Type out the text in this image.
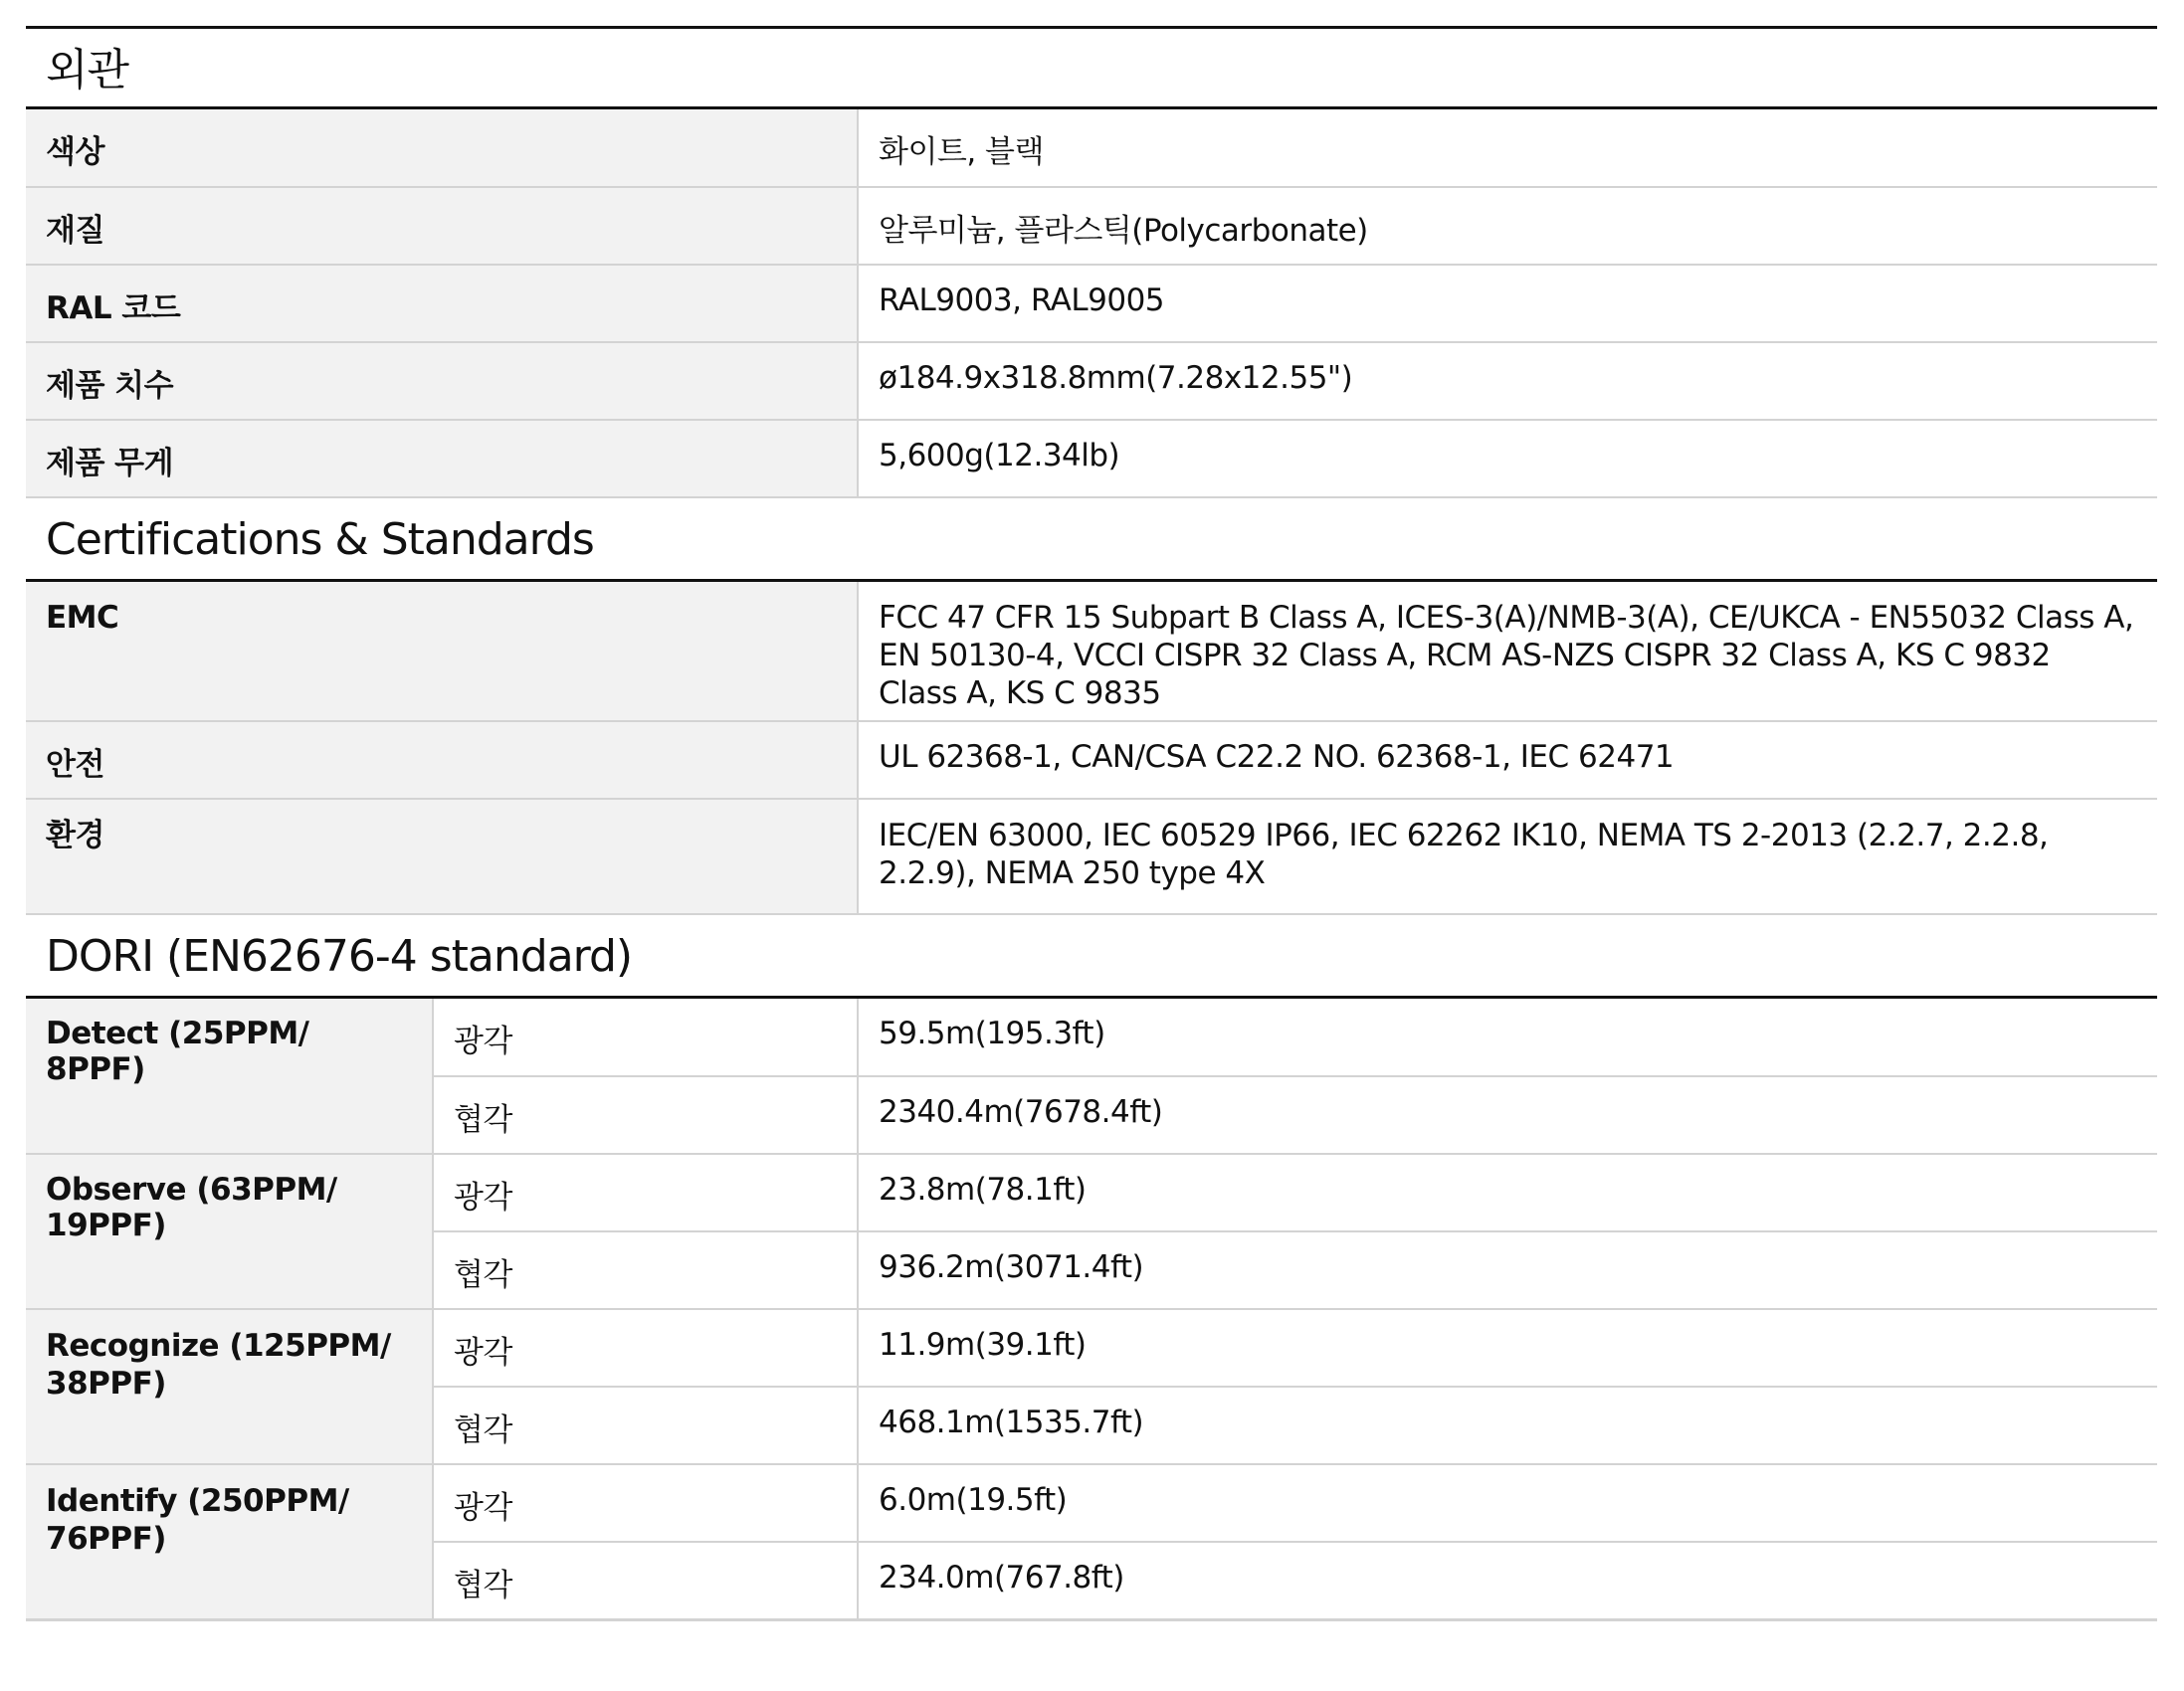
외관
색상	화이트, 블랙
재질	알루미늄, 플라스틱(Polycarbonate)
RAL 코드	RAL9003, RAL9005
제품 치수	ø184.9x318.8mm(7.28x12.55")
제품 무게	5,600g(12.34lb)
Certifications & Standards
EMC	FCC 47 CFR 15 Subpart B Class A, ICES-3(A)/NMB-3(A), CE/UKCA - EN55032 Class A, EN 50130-4, VCCI CISPR 32 Class A, RCM AS-NZS CISPR 32 Class A, KS C 9832 Class A, KS C 9835
안전	UL 62368-1, CAN/CSA C22.2 NO. 62368-1, IEC 62471
환경	IEC/EN 63000, IEC 60529 IP66, IEC 62262 IK10, NEMA TS 2-2013 (2.2.7, 2.2.8, 2.2.9), NEMA 250 type 4X
DORI (EN62676-4 standard)
Detect (25PPM/ 8PPF)	광각	59.5m(195.3ft)
	협각	2340.4m(7678.4ft)
Observe (63PPM/ 19PPF)	광각	23.8m(78.1ft)
	협각	936.2m(3071.4ft)
Recognize (125PPM/ 38PPF)	광각	11.9m(39.1ft)
	협각	468.1m(1535.7ft)
Identify (250PPM/ 76PPF)	광각	6.0m(19.5ft)
	협각	234.0m(767.8ft)
